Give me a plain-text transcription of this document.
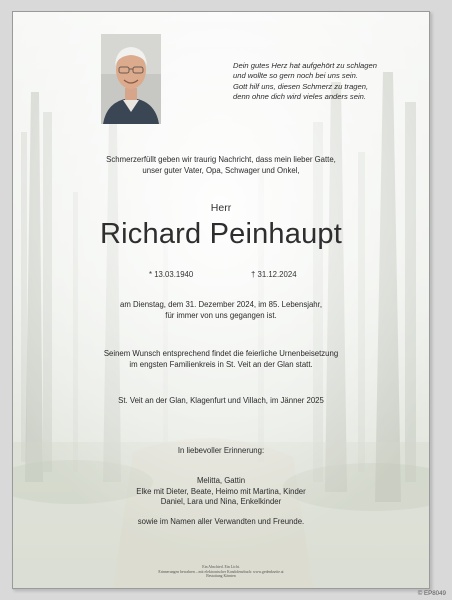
Dein gutes Herz hat aufgehört zu schlagen
und wollte so gern noch bei uns sein.
Gott hilf uns, diesen Schmerz zu tragen,
denn ohne dich wird vieles anders sein.
Schmerzerfüllt geben wir traurig Nachricht, dass mein lieber Gatte,
unser guter Vater, Opa, Schwager und Onkel,
Herr
Richard Peinhaupt
* 13.03.1940	† 31.12.2024
am Dienstag, dem 31. Dezember 2024, im 85. Lebensjahr,
für immer von uns gegangen ist.
Seinem Wunsch entsprechend findet die feierliche Urnenbeisetzung
im engsten Familienkreis in St. Veit an der Glan statt.
St. Veit an der Glan, Klagenfurt und Villach, im Jänner 2025
In liebevoller Erinnerung:
Melitta, Gattin
Elke mit Dieter, Beate, Heimo mit Martina, Kinder
Daniel, Lara und Nina, Enkelkinder
sowie im Namen aller Verwandten und Freunde.
Ein Abschied. Ein Licht.
Erinnerungen bewahren – mit elektronischer Kondolenzbuch: www.gedenkseite.at
Bestattung Kärnten
© EP8049
